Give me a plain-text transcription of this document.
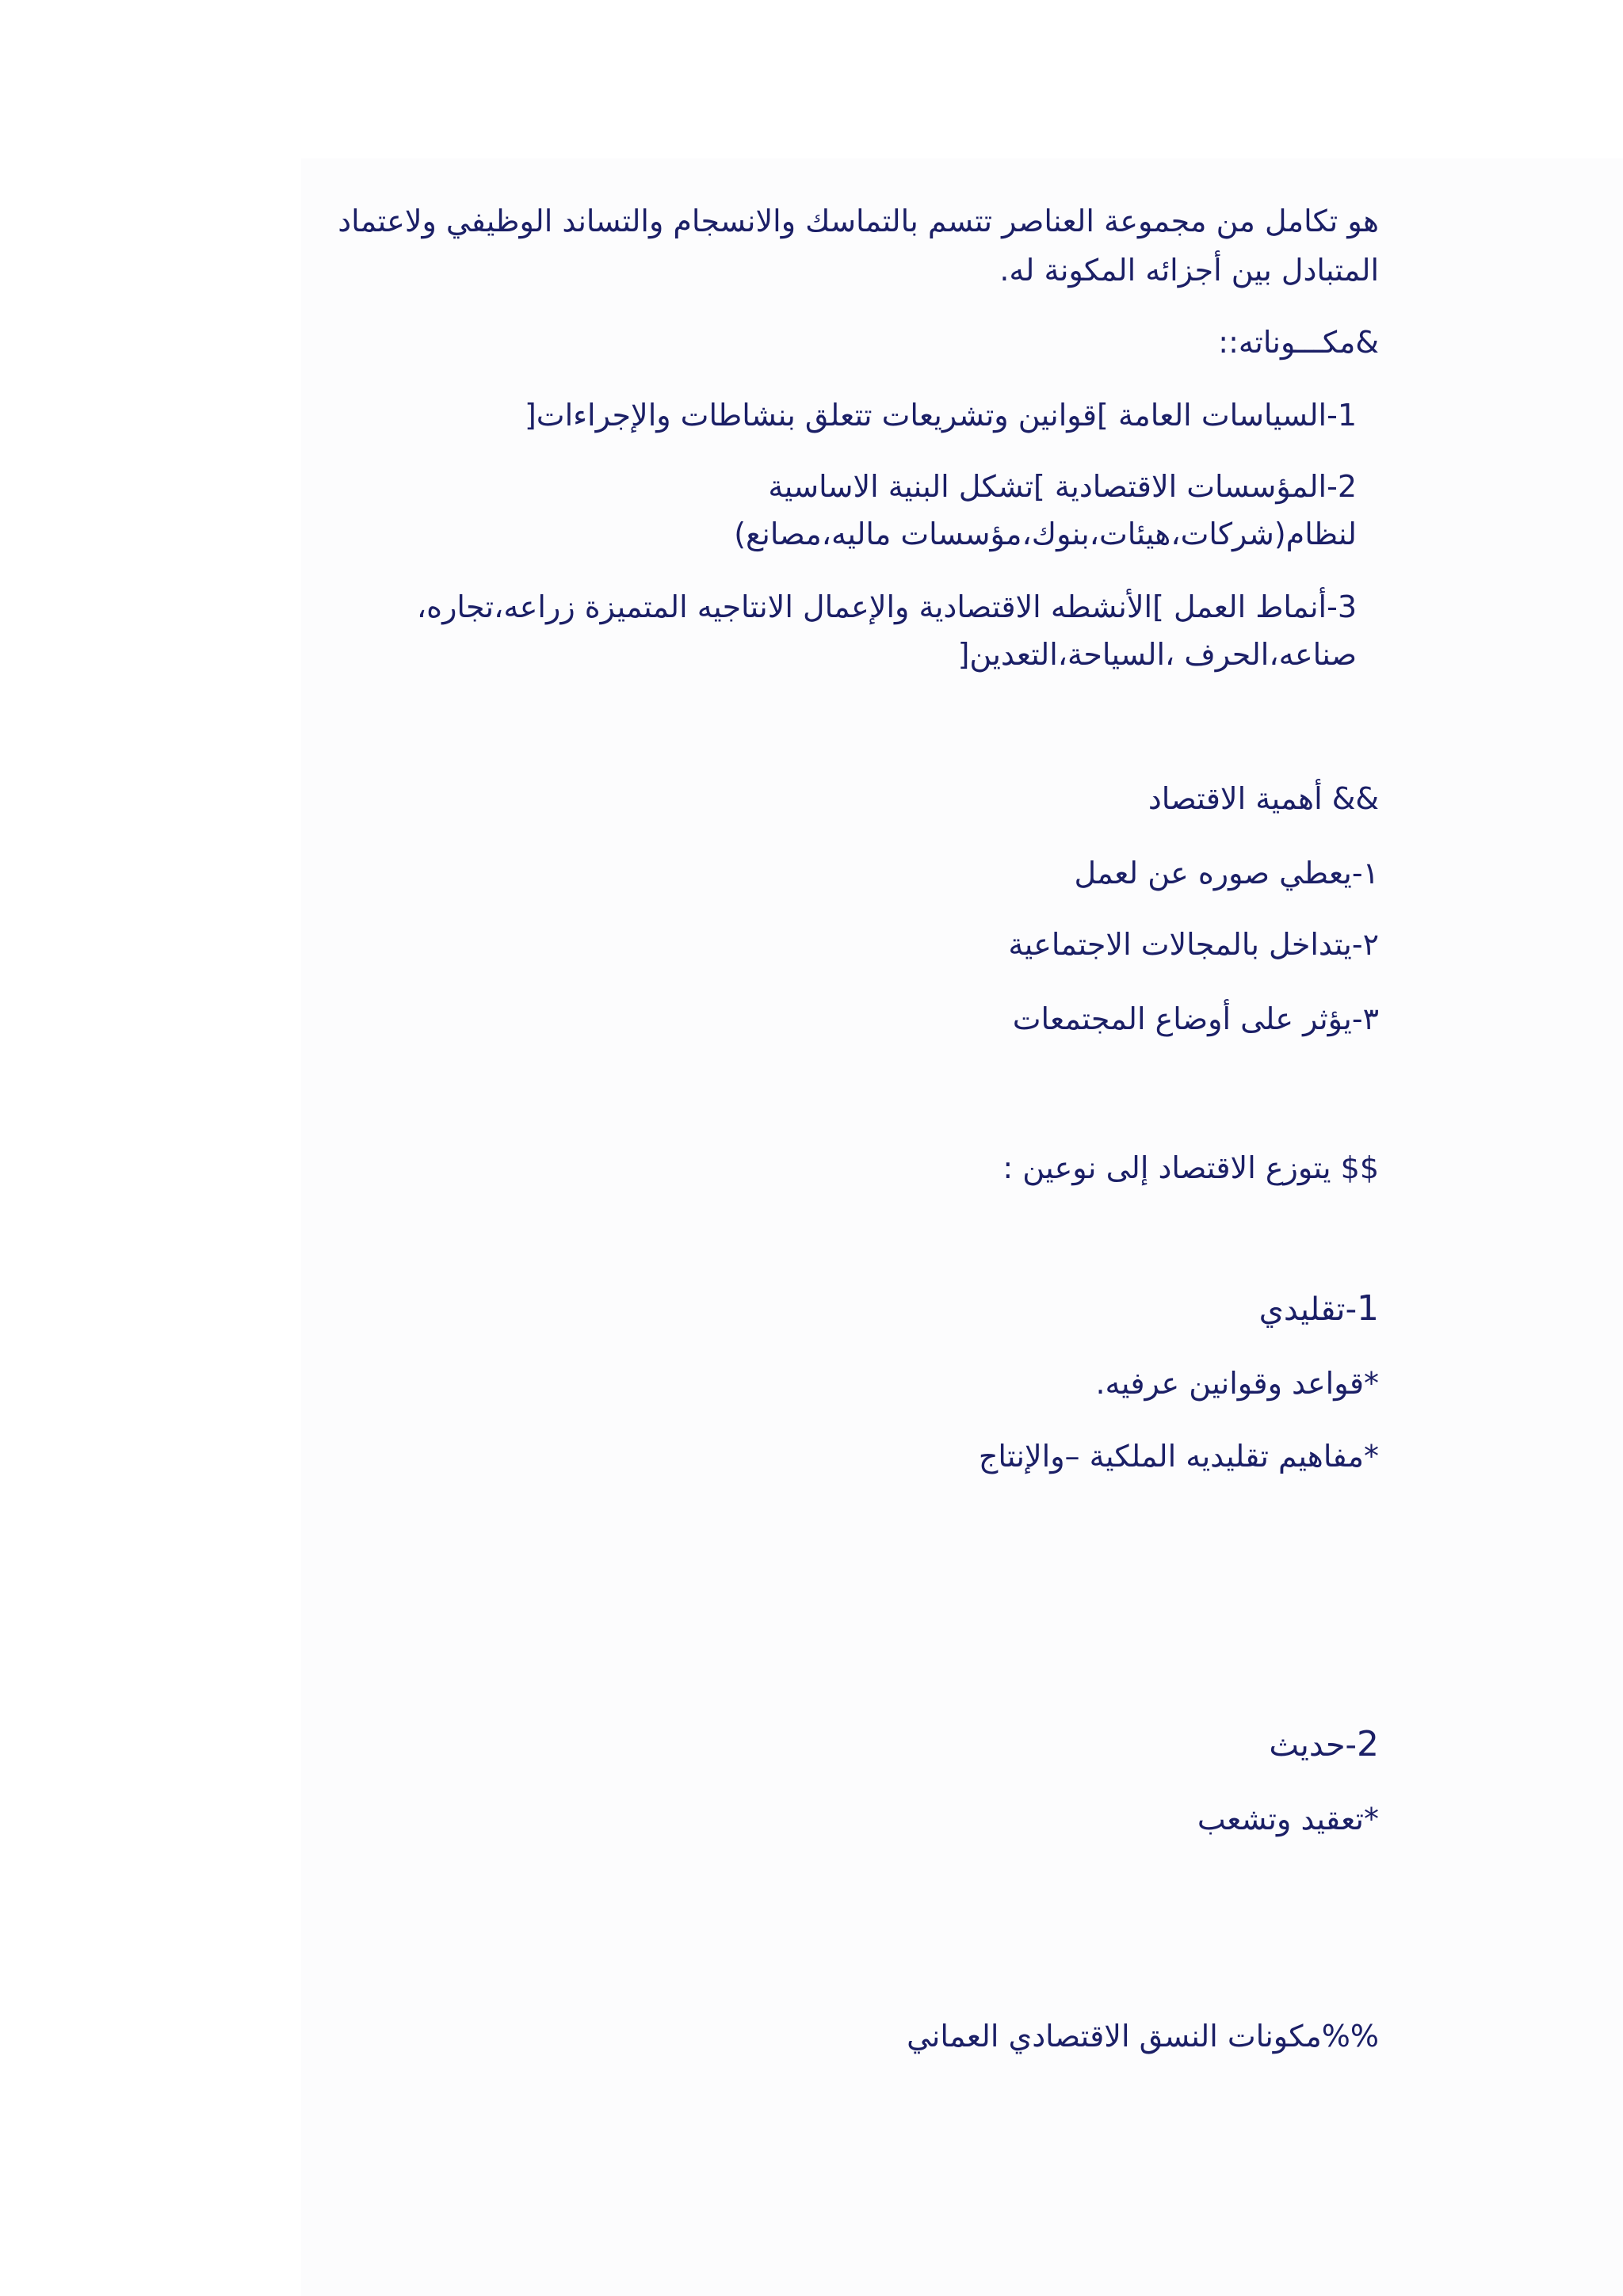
هو تكامل من مجموعة العناصر تتسم بالتماسك والانسجام والتساند الوظيفي ولاعتماد المتبادل بين أجزائه المكونة له.
&مكـــوناته::
1-السياسات العامة ]قوانين وتشريعات تتعلق بنشاطات والإجراءات[
2-المؤسسات الاقتصادية ]تشكل البنية الاساسية لنظام(شركات،هيئات،بنوك،مؤسسات ماليه،مصانع)
3-أنماط العمل ]الأنشطه الاقتصادية والإعمال الانتاجيه المتميزة زراعه،تجاره، صناعه،الحرف ،السياحة،التعدين[
&& أهمية الاقتصاد
١-يعطي صوره عن لعمل
٢-يتداخل بالمجالات الاجتماعية
٣-يؤثر على أوضاع المجتمعات
$$ يتوزع الاقتصاد إلى نوعين :
1-تقليدي
*قواعد وقوانين عرفيه.
*مفاهيم تقليديه الملكية –والإنتاج
2-حديث
*تعقيد وتشعب
%%مكونات النسق الاقتصادي العماني
